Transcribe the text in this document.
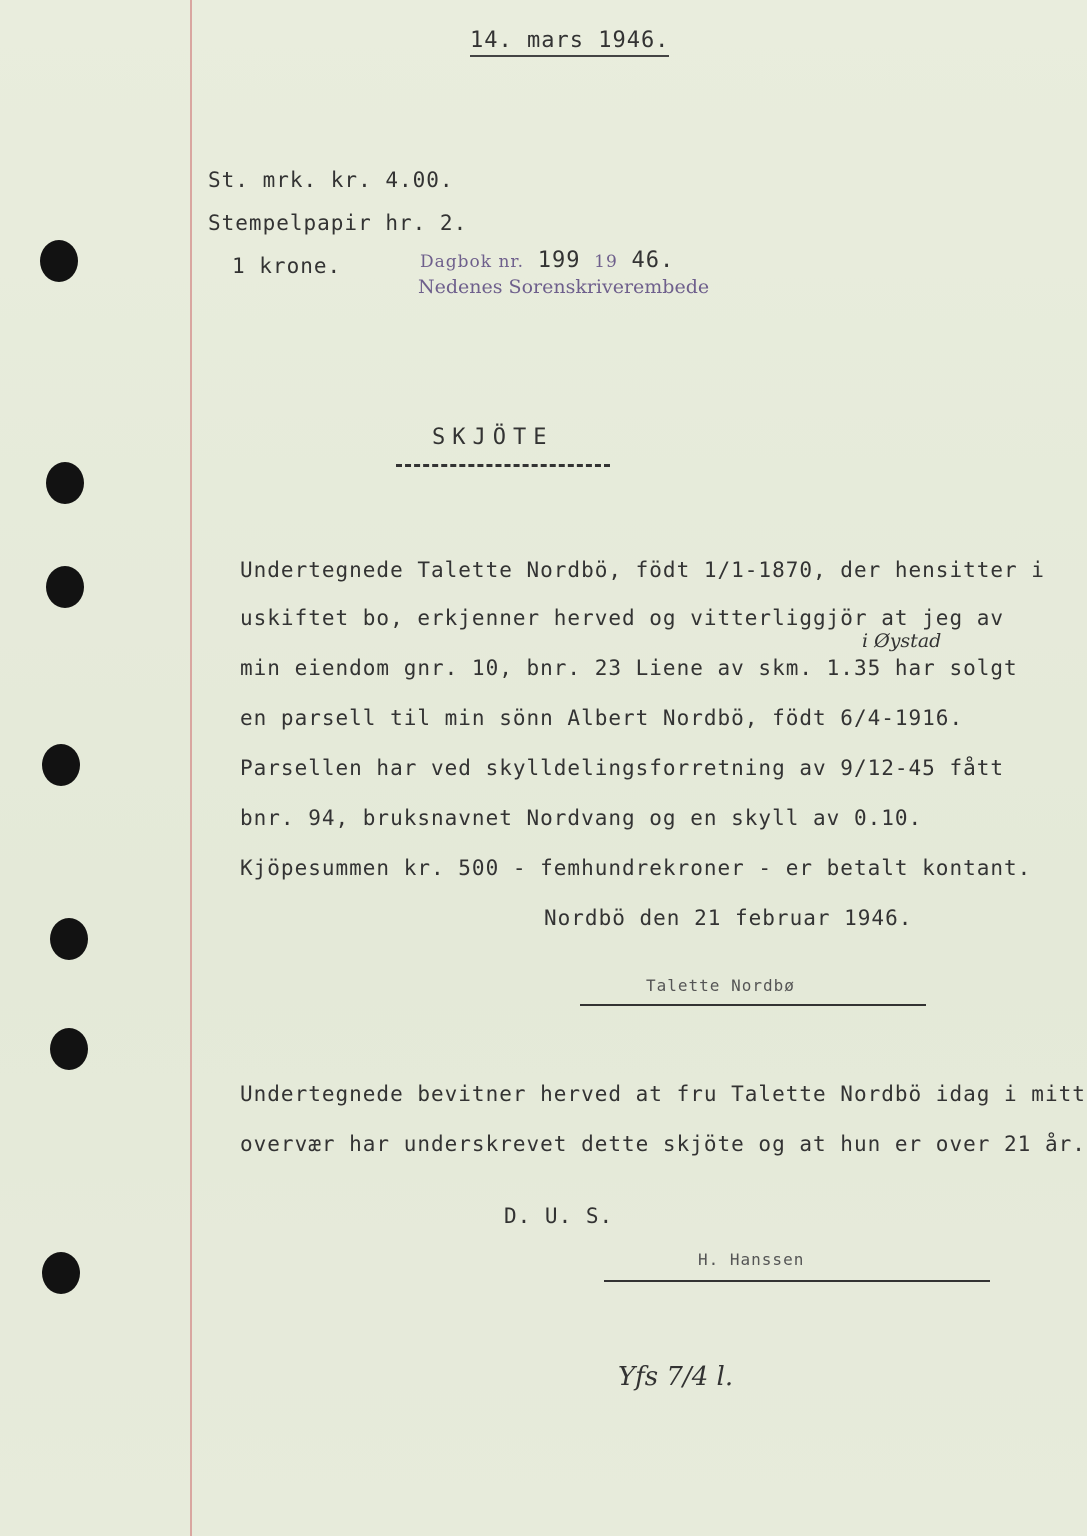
14. mars 1946.
St. mrk. kr. 4.00.
Stempelpapir hr. 2.
1 krone.	Dagbok nr. 199 19 46.
Nedenes Sorenskriverembede
SKJÖTE
Undertegnede Talette Nordbö, födt 1/1-1870, der hensitter i
uskiftet bo, erkjenner herved og vitterliggjör at jeg av
i Øystad
min eiendom gnr. 10, bnr. 23 Liene av skm. 1.35 har solgt
en parsell til min sönn Albert Nordbö, födt 6/4-1916.
Parsellen har ved skylldelingsforretning av 9/12-45 fått
bnr. 94, bruksnavnet Nordvang og en skyll av 0.10.
Kjöpesummen kr. 500 - femhundrekroner - er betalt kontant.
Nordbö den 21 februar 1946.
Talette Nordbø
Undertegnede bevitner herved at fru Talette Nordbö idag i mitt
overvær har underskrevet dette skjöte og at hun er over 21 år.
D. U. S.
H. Hanssen
Yfs 7/4 l.
